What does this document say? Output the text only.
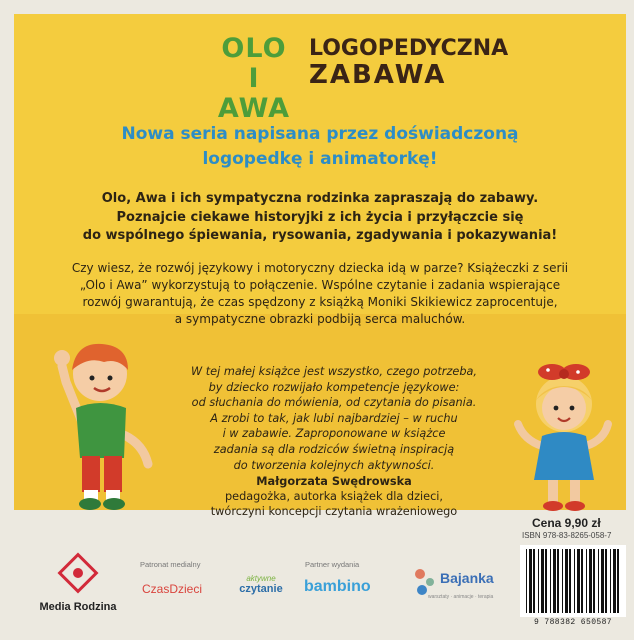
OLO
I AWA
LOGOPEDYCZNA
ZABAWA
Nowa seria napisana przez doświadczoną
logopedkę i animatorkę!
Olo, Awa i ich sympatyczna rodzinka zapraszają do zabawy.
Poznajcie ciekawe historyjki z ich życia i przyłączcie się
do wspólnego śpiewania, rysowania, zgadywania i pokazywania!
Czy wiesz, że rozwój językowy i motoryczny dziecka idą w parze? Książeczki z serii
„Olo i Awa” wykorzystują to połączenie. Wspólne czytanie i zadania wspierające
rozwój gwarantują, że czas spędzony z książką Moniki Skikiewicz zaprocentuje,
a sympatyczne obrazki podbiją serca maluchów.
W tej małej książce jest wszystko, czego potrzeba,
by dziecko rozwijało kompetencje językowe:
od słuchania do mówienia, od czytania do pisania.
A zrobi to tak, jak lubi najbardziej – w ruchu
i w zabawie. Zaproponowane w książce
zadania są dla rodziców świetną inspiracją
do tworzenia kolejnych aktywności.
Małgorzata Swędrowska
pedagożka, autorka książek dla dzieci,
twórczyni koncepcji czytania wrażeniowego
Media Rodzina
Patronat medialny
CzasDzieci
aktywne
czytanie
Partner wydania
bambino	Bajanka
warsztaty · animacje · terapia
Cena 9,90 zł
ISBN 978-83-8265-058-7
9 788382 650587
